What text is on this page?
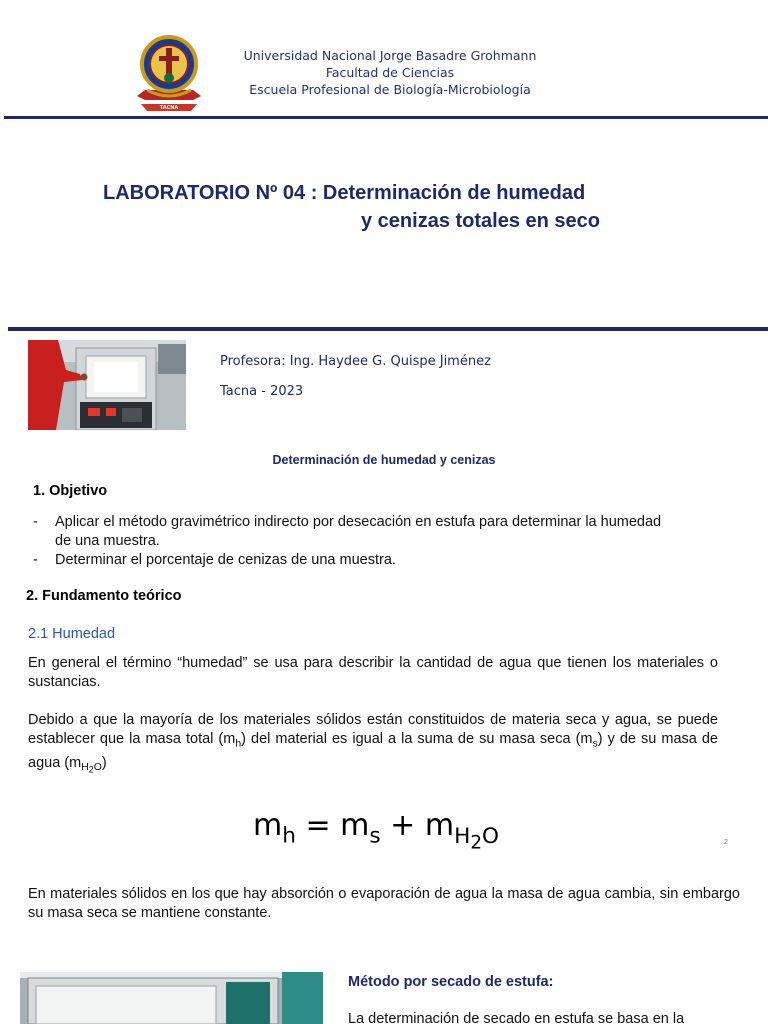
TACNA
Universidad Nacional Jorge Basadre Grohmann
Facultad de Ciencias
Escuela Profesional de Biología-Microbiología
LABORATORIO Nº 04 : Determinación de humedad
y cenizas totales en seco
Profesora: Ing. Haydee G. Quispe Jiménez
Tacna - 2023
Determinación de humedad y cenizas
1. Objetivo
- Aplicar el método gravimétrico indirecto por desecación en estufa para determinar la humedad de una muestra.
- Determinar el porcentaje de cenizas de una muestra.
2. Fundamento teórico
2.1 Humedad
En general el término “humedad” se usa para describir la cantidad de agua que tienen los materiales o sustancias.
Debido a que la mayoría de los materiales sólidos están constituidos de materia seca y agua, se puede establecer que la masa total $(m_h)$ del material es igual a la suma de su masa seca $(m_s)$ y de su masa de agua $(m_{H_2O})$
$m_h = m_s + m_{H_2O}$	2
En materiales sólidos en los que hay absorción o evaporación de agua la masa de agua cambia, sin embargo su masa seca se mantiene constante.
Método por secado de estufa:
La determinación de secado en estufa se basa en la
